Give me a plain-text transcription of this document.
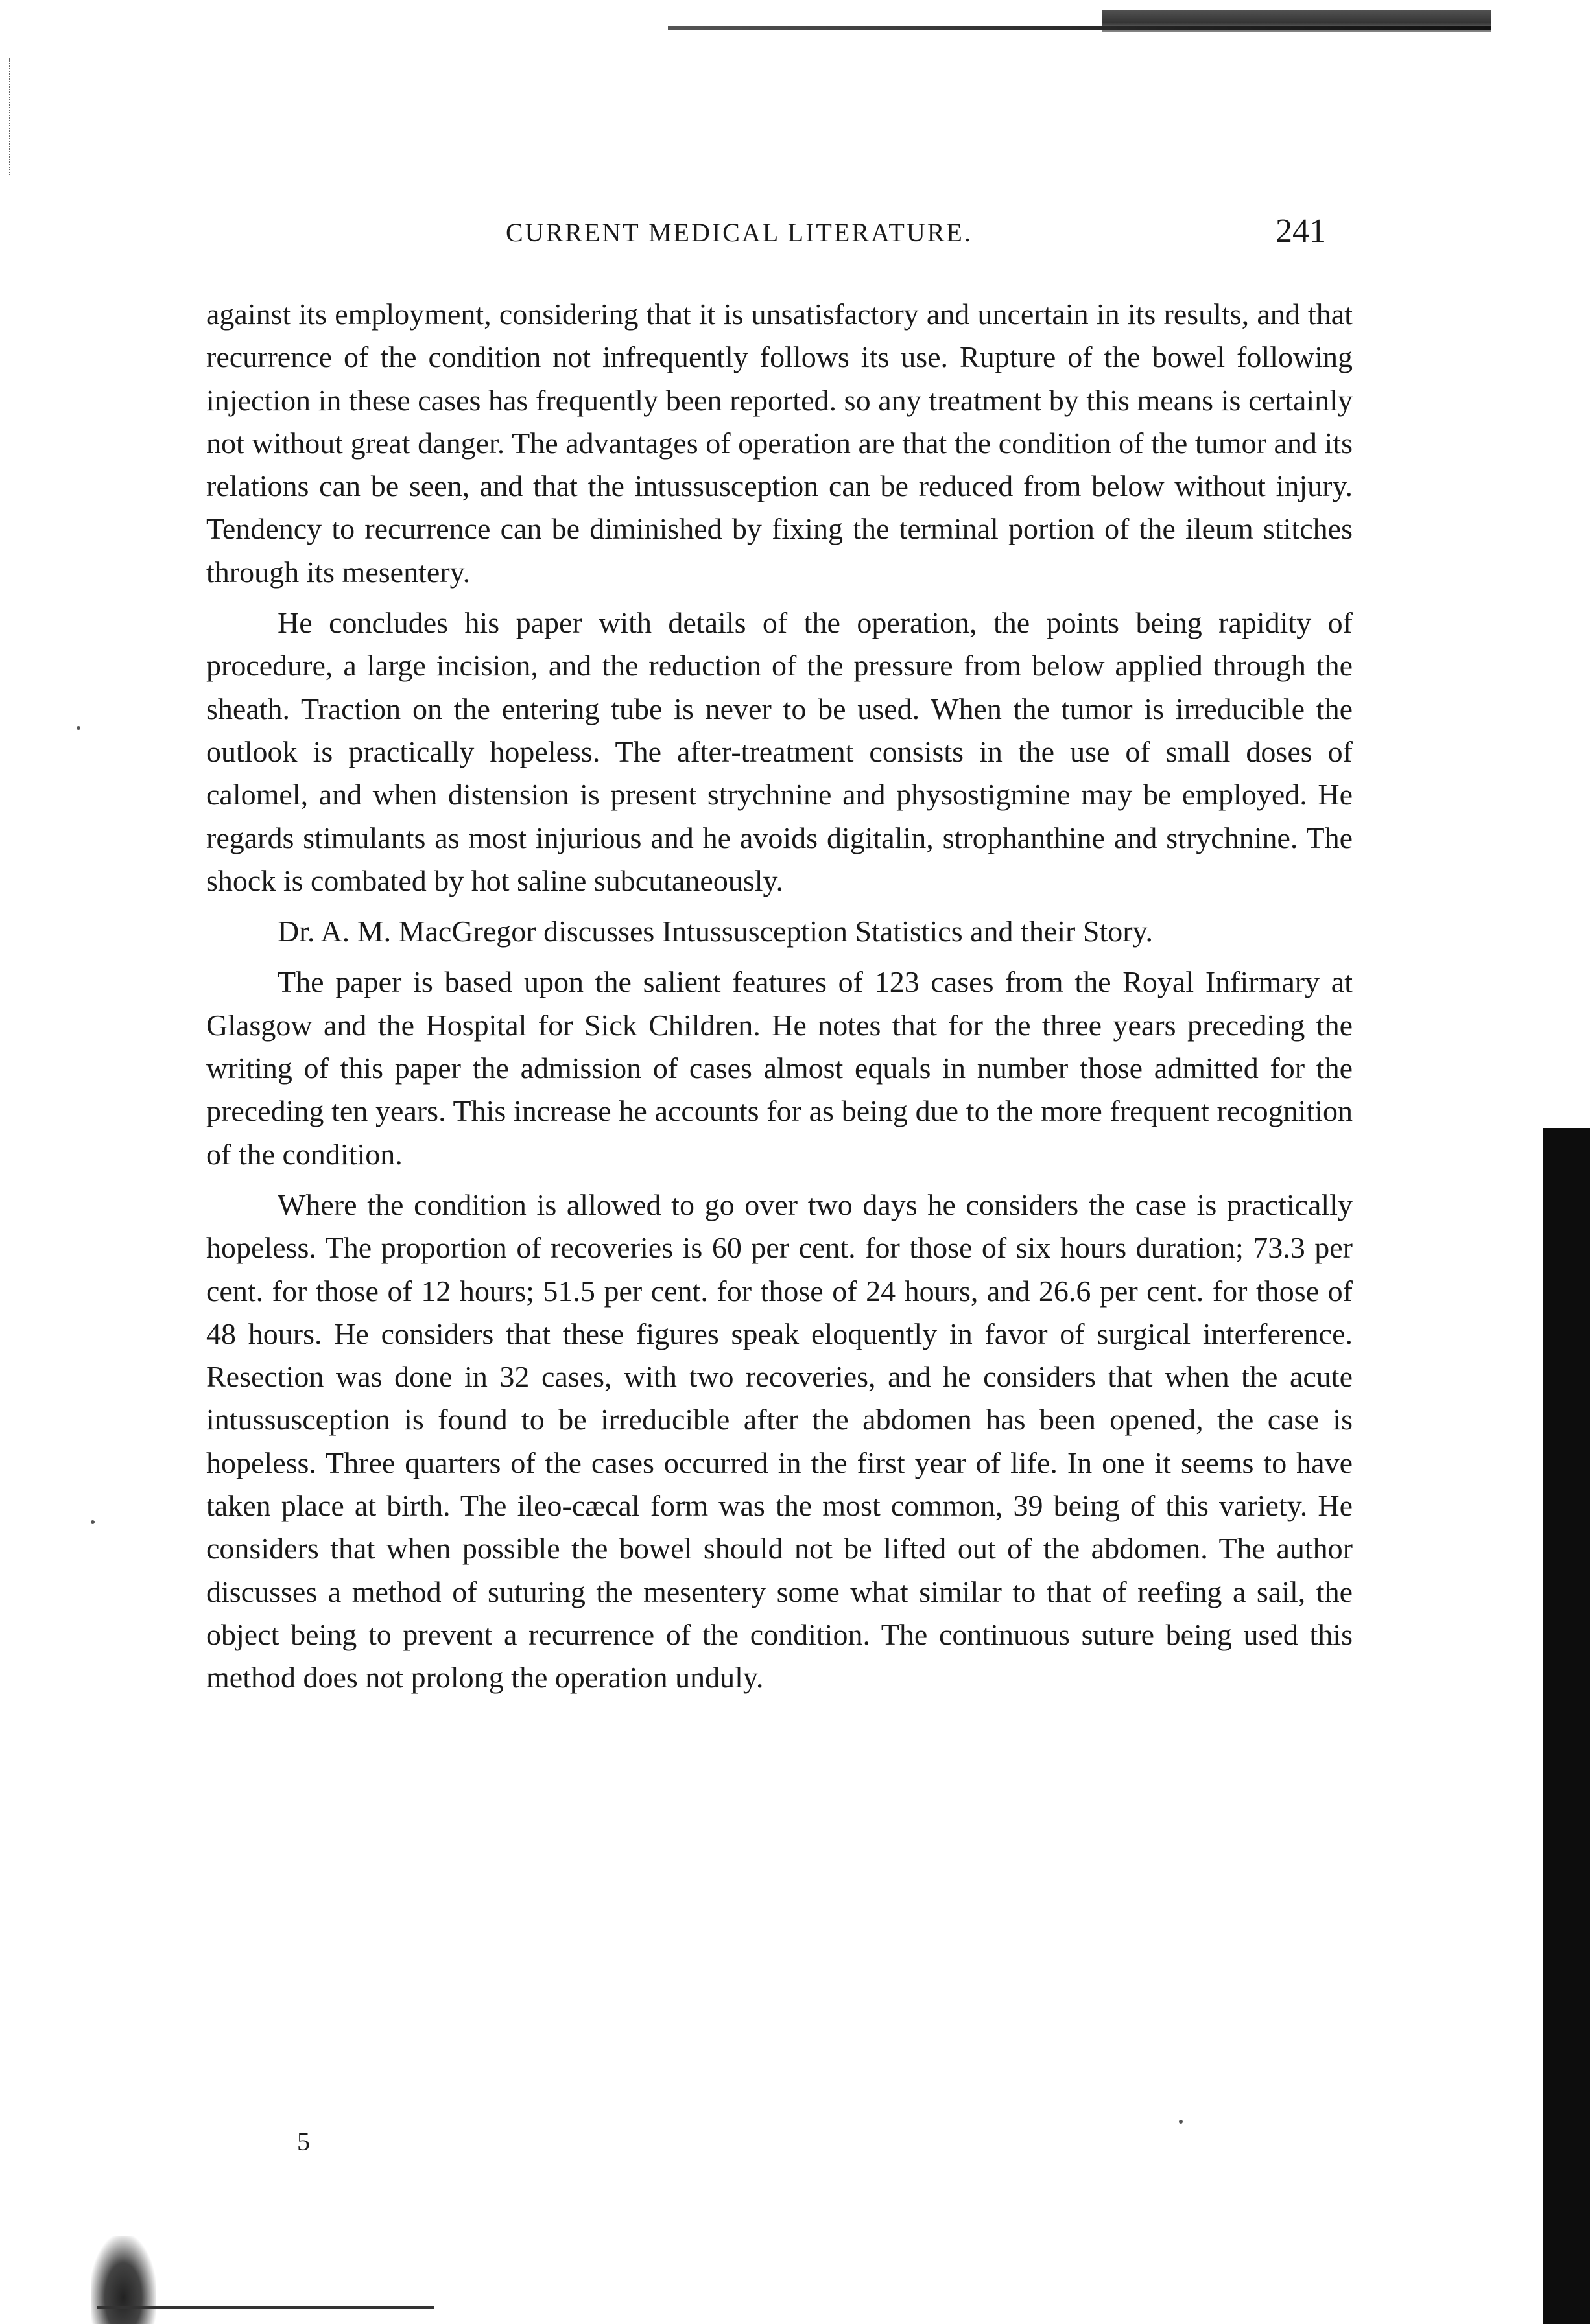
CURRENT MEDICAL LITERATURE.	241

against its employment, considering that it is unsatisfactory and uncertain in its results, and that recurrence of the condition not infrequently follows its use. Rupture of the bowel following injection in these cases has frequently been reported. so any treatment by this means is certainly not without great danger. The advantages of operation are that the condition of the tumor and its relations can be seen, and that the intussusception can be reduced from below without injury. Tendency to recurrence can be diminished by fixing the terminal portion of the ileum stitches through its mesentery.

He concludes his paper with details of the operation, the points being rapidity of procedure, a large incision, and the reduction of the pressure from below applied through the sheath. Traction on the entering tube is never to be used. When the tumor is irreducible the outlook is practically hopeless. The after-treatment consists in the use of small doses of calomel, and when distension is present strychnine and physostigmine may be employed. He regards stimulants as most injurious and he avoids digitalin, strophanthine and strychnine. The shock is combated by hot saline subcutaneously.

Dr. A. M. MacGregor discusses Intussusception Statistics and their Story.

The paper is based upon the salient features of 123 cases from the Royal Infirmary at Glasgow and the Hospital for Sick Children. He notes that for the three years preceding the writing of this paper the admission of cases almost equals in number those admitted for the preceding ten years. This increase he accounts for as being due to the more frequent recognition of the condition.

Where the condition is allowed to go over two days he considers the case is practically hopeless. The proportion of recoveries is 60 per cent. for those of six hours duration; 73.3 per cent. for those of 12 hours; 51.5 per cent. for those of 24 hours, and 26.6 per cent. for those of 48 hours. He considers that these figures speak eloquently in favor of surgical interference. Resection was done in 32 cases, with two recoveries, and he considers that when the acute intussusception is found to be irreducible after the abdomen has been opened, the case is hopeless. Three quarters of the cases occurred in the first year of life. In one it seems to have taken place at birth. The ileo-cæcal form was the most common, 39 being of this variety. He considers that when possible the bowel should not be lifted out of the abdomen. The author discusses a method of suturing the mesentery some what similar to that of reefing a sail, the object being to prevent a recurrence of the condition. The continuous suture being used this method does not prolong the operation unduly.

5
